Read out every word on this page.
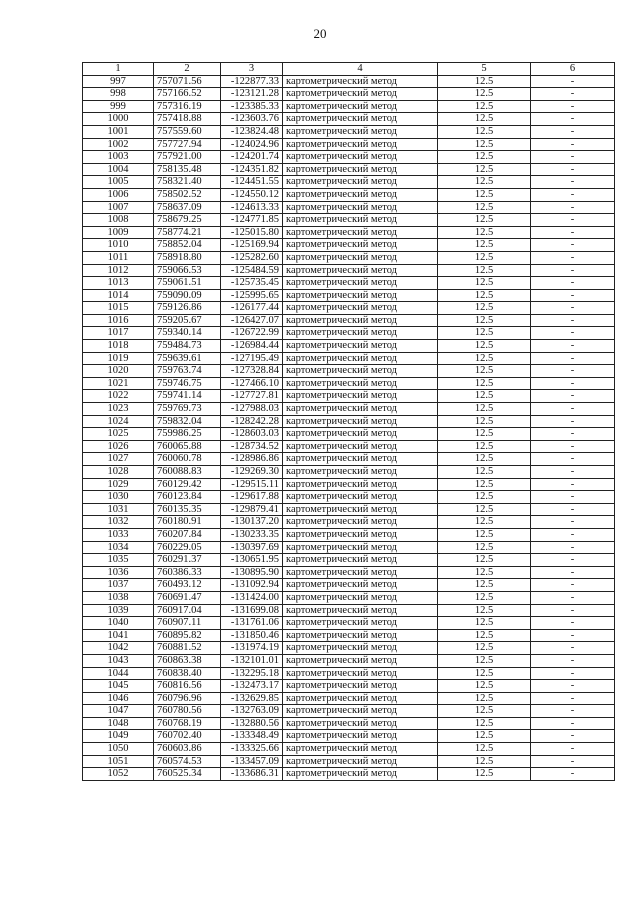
20
1	2	3	4	5	6
997	757071.56	-122877.33	картометрический метод	12.5	-
998	757166.52	-123121.28	картометрический метод	12.5	-
999	757316.19	-123385.33	картометрический метод	12.5	-
1000	757418.88	-123603.76	картометрический метод	12.5	-
1001	757559.60	-123824.48	картометрический метод	12.5	-
1002	757727.94	-124024.96	картометрический метод	12.5	-
1003	757921.00	-124201.74	картометрический метод	12.5	-
1004	758135.48	-124351.82	картометрический метод	12.5	-
1005	758321.40	-124451.55	картометрический метод	12.5	-
1006	758502.52	-124550.12	картометрический метод	12.5	-
1007	758637.09	-124613.33	картометрический метод	12.5	-
1008	758679.25	-124771.85	картометрический метод	12.5	-
1009	758774.21	-125015.80	картометрический метод	12.5	-
1010	758852.04	-125169.94	картометрический метод	12.5	-
1011	758918.80	-125282.60	картометрический метод	12.5	-
1012	759066.53	-125484.59	картометрический метод	12.5	-
1013	759061.51	-125735.45	картометрический метод	12.5	-
1014	759090.09	-125995.65	картометрический метод	12.5	-
1015	759126.86	-126177.44	картометрический метод	12.5	-
1016	759205.67	-126427.07	картометрический метод	12.5	-
1017	759340.14	-126722.99	картометрический метод	12.5	-
1018	759484.73	-126984.44	картометрический метод	12.5	-
1019	759639.61	-127195.49	картометрический метод	12.5	-
1020	759763.74	-127328.84	картометрический метод	12.5	-
1021	759746.75	-127466.10	картометрический метод	12.5	-
1022	759741.14	-127727.81	картометрический метод	12.5	-
1023	759769.73	-127988.03	картометрический метод	12.5	-
1024	759832.04	-128242.28	картометрический метод	12.5	-
1025	759986.25	-128603.03	картометрический метод	12.5	-
1026	760065.88	-128734.52	картометрический метод	12.5	-
1027	760060.78	-128986.86	картометрический метод	12.5	-
1028	760088.83	-129269.30	картометрический метод	12.5	-
1029	760129.42	-129515.11	картометрический метод	12.5	-
1030	760123.84	-129617.88	картометрический метод	12.5	-
1031	760135.35	-129879.41	картометрический метод	12.5	-
1032	760180.91	-130137.20	картометрический метод	12.5	-
1033	760207.84	-130233.35	картометрический метод	12.5	-
1034	760229.05	-130397.69	картометрический метод	12.5	-
1035	760291.37	-130651.95	картометрический метод	12.5	-
1036	760386.33	-130895.90	картометрический метод	12.5	-
1037	760493.12	-131092.94	картометрический метод	12.5	-
1038	760691.47	-131424.00	картометрический метод	12.5	-
1039	760917.04	-131699.08	картометрический метод	12.5	-
1040	760907.11	-131761.06	картометрический метод	12.5	-
1041	760895.82	-131850.46	картометрический метод	12.5	-
1042	760881.52	-131974.19	картометрический метод	12.5	-
1043	760863.38	-132101.01	картометрический метод	12.5	-
1044	760838.40	-132295.18	картометрический метод	12.5	-
1045	760816.56	-132473.17	картометрический метод	12.5	-
1046	760796.96	-132629.85	картометрический метод	12.5	-
1047	760780.56	-132763.09	картометрический метод	12.5	-
1048	760768.19	-132880.56	картометрический метод	12.5	-
1049	760702.40	-133348.49	картометрический метод	12.5	-
1050	760603.86	-133325.66	картометрический метод	12.5	-
1051	760574.53	-133457.09	картометрический метод	12.5	-
1052	760525.34	-133686.31	картометрический метод	12.5	-
